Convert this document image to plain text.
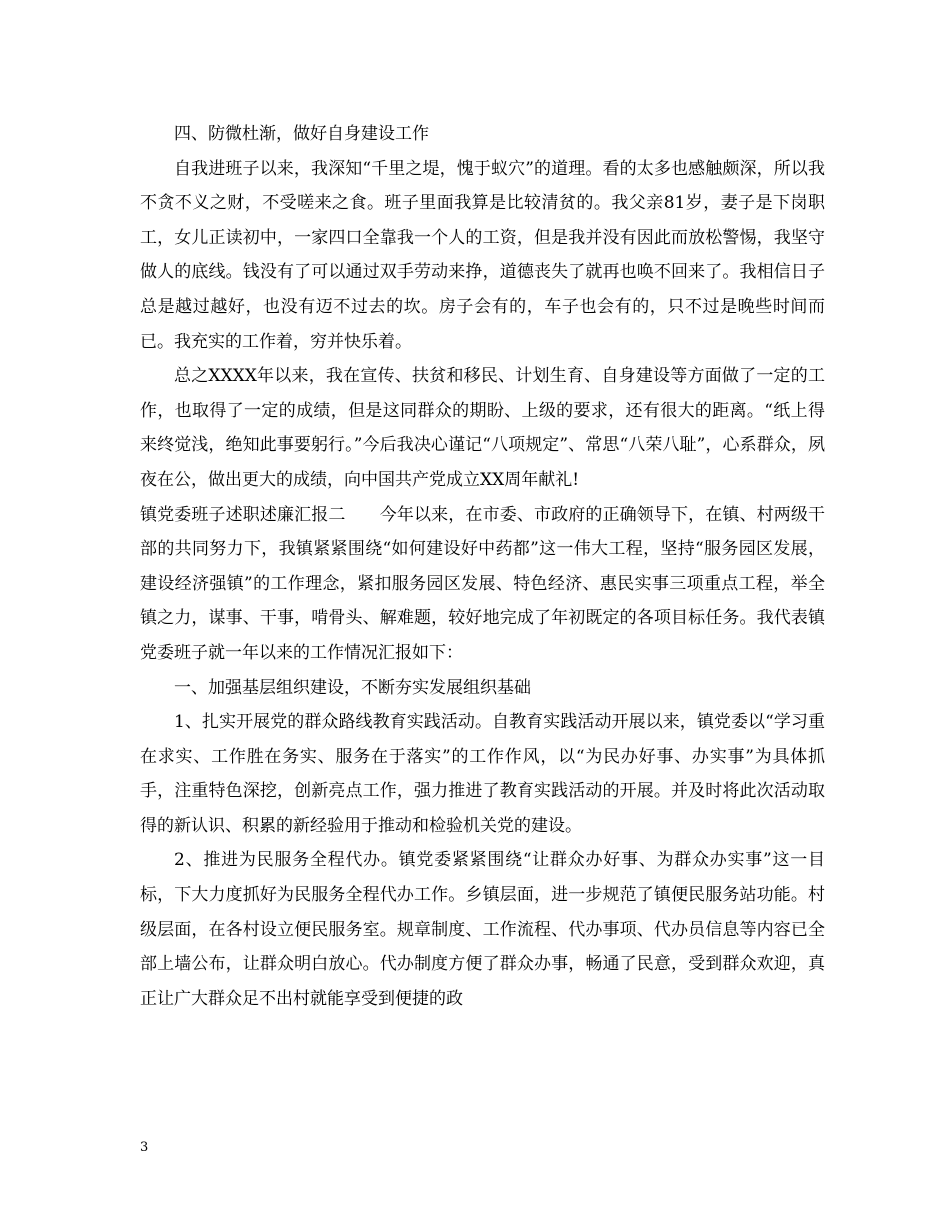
四、防微杜渐，做好自身建设工作

自我进班子以来，我深知“千里之堤，愧于蚁穴”的道理。看的太多也感触颇深，所以我不贪不义之财，不受嗟来之食。班子里面我算是比较清贫的。我父亲81岁，妻子是下岗职工，女儿正读初中，一家四口全靠我一个人的工资，但是我并没有因此而放松警惕，我坚守做人的底线。钱没有了可以通过双手劳动来挣，道德丧失了就再也唤不回来了。我相信日子总是越过越好，也没有迈不过去的坎。房子会有的，车子也会有的，只不过是晚些时间而已。我充实的工作着，穷并快乐着。

总之XXXX年以来，我在宣传、扶贫和移民、计划生育、自身建设等方面做了一定的工作，也取得了一定的成绩，但是这同群众的期盼、上级的要求，还有很大的距离。“纸上得来终觉浅，绝知此事要躬行。”今后我决心谨记“八项规定”、常思“八荣八耻”，心系群众，夙夜在公，做出更大的成绩，向中国共产党成立XX周年献礼!

镇党委班子述职述廉汇报二　　今年以来，在市委、市政府的正确领导下，在镇、村两级干部的共同努力下，我镇紧紧围绕“如何建设好中药都”这一伟大工程，坚持“服务园区发展，建设经济强镇”的工作理念，紧扣服务园区发展、特色经济、惠民实事三项重点工程，举全镇之力，谋事、干事，啃骨头、解难题，较好地完成了年初既定的各项目标任务。我代表镇党委班子就一年以来的工作情况汇报如下：

一、加强基层组织建设，不断夯实发展组织基础

1、扎实开展党的群众路线教育实践活动。自教育实践活动开展以来，镇党委以“学习重在求实、工作胜在务实、服务在于落实”的工作作风，以“为民办好事、办实事”为具体抓手，注重特色深挖，创新亮点工作，强力推进了教育实践活动的开展。并及时将此次活动取得的新认识、积累的新经验用于推动和检验机关党的建设。

2、推进为民服务全程代办。镇党委紧紧围绕“让群众办好事、为群众办实事”这一目标，下大力度抓好为民服务全程代办工作。乡镇层面，进一步规范了镇便民服务站功能。村级层面，在各村设立便民服务室。规章制度、工作流程、代办事项、代办员信息等内容已全部上墙公布，让群众明白放心。代办制度方便了群众办事，畅通了民意，受到群众欢迎，真正让广大群众足不出村就能享受到便捷的政

3
